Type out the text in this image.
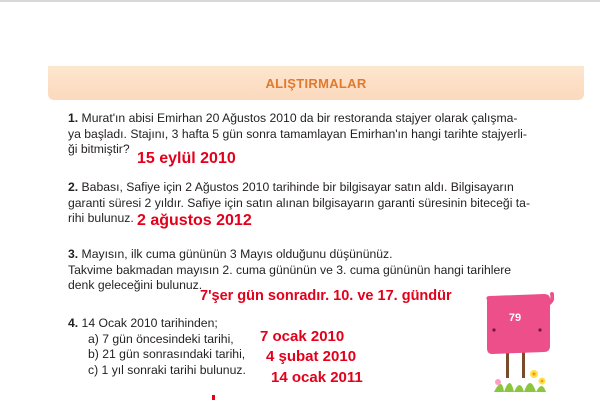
ALIŞTIRMALAR
1. Murat'ın abisi Emirhan 20 Ağustos 2010 da bir restoranda stajyer olarak çalışma-
ya başladı. Stajını, 3 hafta 5 gün sonra tamamlayan Emirhan'ın hangi tarihte stajyerli-
ği bitmiştir?
15 eylül 2010
2. Babası, Safiye için 2 Ağustos 2010 tarihinde bir bilgisayar satın aldı. Bilgisayarın
garanti süresi 2 yıldır. Safiye için satın alınan bilgisayarın garanti süresinin biteceği ta-
rihi bulunuz. 2 ağustos 2012
3. Mayısın, ilk cuma gününün 3 Mayıs olduğunu düşününüz.
Takvime bakmadan mayısın 2. cuma gününün ve 3. cuma gününün hangi tarihlere
denk geleceğini bulunuz.
7'şer gün sonradır. 10. ve 17. gündür
4. 14 Ocak 2010 tarihinden;
a) 7 gün öncesindeki tarihi,
b) 21 gün sonrasındaki tarihi,
c) 1 yıl sonraki tarihi bulunuz.
7 ocak 2010
4 şubat 2010
14 ocak 2011
79
